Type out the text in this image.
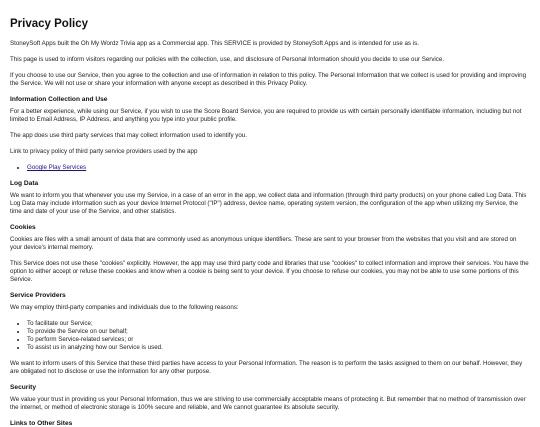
Privacy Policy

StoneySoft Apps built the Oh My Wordz Trivia app as a Commercial app. This SERVICE is provided by StoneySoft Apps and is intended for use as is.

This page is used to inform visitors regarding our policies with the collection, use, and disclosure of Personal Information should you decide to use our Service.

If you choose to use our Service, then you agree to the collection and use of information in relation to this policy. The Personal Information that we collect is used for providing and improving the Service. We will not use or share your information with anyone except as described in this Privacy Policy.

Information Collection and Use

For a better experience, while using our Service, if you wish to use the Score Board Service, you are required to provide us with certain personally identifiable information, including but not limited to Email Address, IP Address, and anything you type into your public profile.

The app does use third party services that may collect information used to identify you.

Link to privacy policy of third party service providers used by the app

• Google Play Services
Log Data

We want to inform you that whenever you use my Service, in a case of an error in the app, we collect data and information (through third party products) on your phone called Log Data. This Log Data may include information such as your device Internet Protocol ("IP") address, device name, operating system version, the configuration of the app when utilizing my Service, the time and date of your use of the Service, and other statistics.

Cookies

Cookies are files with a small amount of data that are commonly used as anonymous unique identifiers. These are sent to your browser from the websites that you visit and are stored on your device's internal memory.

This Service does not use these "cookies" explicitly. However, the app may use third party code and libraries that use "cookies" to collect information and improve their services. You have the option to either accept or refuse these cookies and know when a cookie is being sent to your device. If you choose to refuse our cookies, you may not be able to use some portions of this Service.

Service Providers

We may employ third-party companies and individuals due to the following reasons:

• To facilitate our Service;
• To provide the Service on our behalf;
• To perform Service-related services; or
• To assist us in analyzing how our Service is used.

We want to inform users of this Service that these third parties have access to your Personal Information. The reason is to perform the tasks assigned to them on our behalf. However, they are obligated not to disclose or use the information for any other purpose.

Security

We value your trust in providing us your Personal Information, thus we are striving to use commercially acceptable means of protecting it. But remember that no method of transmission over the internet, or method of electronic storage is 100% secure and reliable, and We cannot guarantee its absolute security.

Links to Other Sites
